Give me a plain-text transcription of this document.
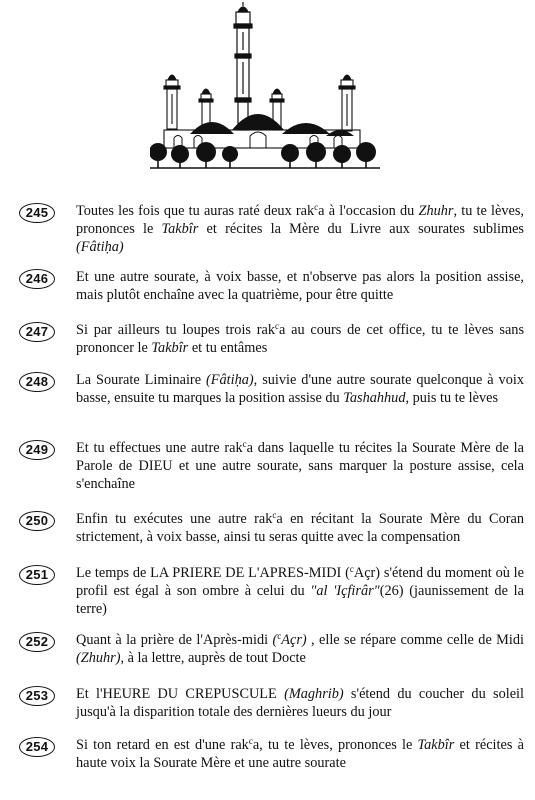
245	Toutes les fois que tu auras raté deux rak$^c$a à l'occasion du Zhuhr, tu te lèves, prononces le Takbîr et récites la Mère du Livre aux sourates sublimes (Fâtiḥa)

246	Et une autre sourate, à voix basse, et n'observe pas alors la position assise, mais plutôt enchaîne avec la quatrième, pour être quitte

247	Si par ailleurs tu loupes trois rak$^c$a au cours de cet office, tu te lèves sans prononcer le Takbîr et tu entâmes

248	La Sourate Liminaire (Fâtiḥa), suivie d'une autre sourate quelconque à voix basse, ensuite tu marques la position assise du Tashahhud, puis tu te lèves

249	Et tu effectues une autre rak$^c$a dans laquelle tu récites la Sourate Mère de la Parole de DIEU et une autre sourate, sans marquer la posture assise, cela s'enchaîne

250	Enfin tu exécutes une autre rak$^c$a en récitant la Sourate Mère du Coran strictement, à voix basse, ainsi tu seras quitte avec la compensation

251	Le temps de LA PRIERE DE L'APRES-MIDI ($^c$Açr) s'étend du moment où le profil est égal à son ombre à celui du "al 'Içfirâr"(26) (jaunissement de la terre)

252	Quant à la prière de l'Après-midi ($^c$Açr) , elle se répare comme celle de Midi (Zhuhr), à la lettre, auprès de tout Docte

253	Et l'HEURE DU CREPUSCULE (Maghrib) s'étend du coucher du soleil jusqu'à la disparition totale des dernières lueurs du jour

254	Si ton retard en est d'une rak$^c$a, tu te lèves, prononces le Takbîr et récites à haute voix la Sourate Mère et une autre sourate
